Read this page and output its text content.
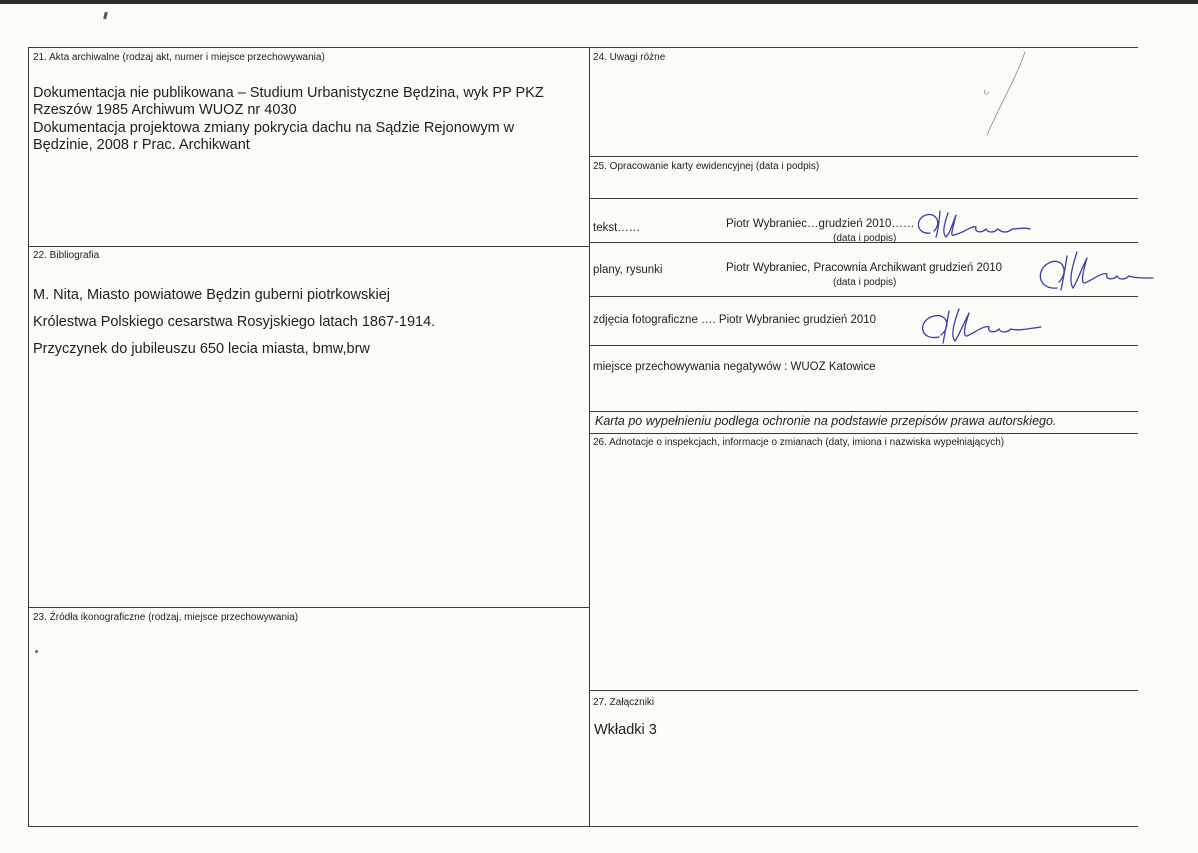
21. Akta archiwalne (rodzaj akt, numer i miejsce przechowywania)
Dokumentacja nie publikowana – Studium Urbanistyczne Będzina, wyk PP PKZ
Rzeszów 1985 Archiwum WUOZ nr 4030
Dokumentacja projektowa zmiany pokrycia dachu na Sądzie Rejonowym w
Będzinie, 2008 r Prac. Archikwant
22. Bibliografia
M. Nita, Miasto powiatowe Będzin guberni piotrkowskiej
Królestwa Polskiego cesarstwa Rosyjskiego latach 1867-1914.
Przyczynek do jubileuszu 650 lecia miasta, bmw,brw
23. Źródła ikonograficzne (rodzaj, miejsce przechowywania)
24. Uwagi różne
25. Opracowanie karty ewidencyjnej (data i podpis)
tekst……	Piotr Wybraniec…grudzień 2010……
(data i podpis)
plany, rysunki	Piotr Wybraniec, Pracownia Archikwant grudzień 2010
(data i podpis)
zdjęcia fotograficzne …. Piotr Wybraniec grudzień 2010
miejsce przechowywania negatywów : WUOZ Katowice
Karta po wypełnieniu podlega ochronie na podstawie przepisów prawa autorskiego.
26. Adnotacje o inspekcjach, informacje o zmianach (daty, imiona i nazwiska wypełniających)
27. Załączniki
Wkładki 3
